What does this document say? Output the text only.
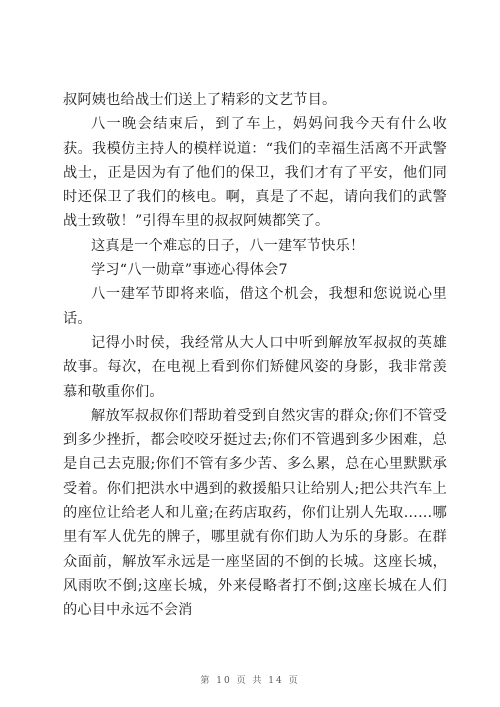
叔阿姨也给战士们送上了精彩的文艺节目。

八一晚会结束后，到了车上，妈妈问我今天有什么收获。我模仿主持人的模样说道：“我们的幸福生活离不开武警战士，正是因为有了他们的保卫，我们才有了平安，他们同时还保卫了我们的核电。啊，真是了不起，请向我们的武警战士致敬！”引得车里的叔叔阿姨都笑了。

这真是一个难忘的日子，八一建军节快乐！

学习“八一勋章”事迹心得体会7

八一建军节即将来临，借这个机会，我想和您说说心里话。

记得小时侯，我经常从大人口中听到解放军叔叔的英雄故事。每次，在电视上看到你们矫健风姿的身影，我非常羡慕和敬重你们。

解放军叔叔你们帮助着受到自然灾害的群众;你们不管受到多少挫折，都会咬咬牙挺过去;你们不管遇到多少困难，总是自己去克服;你们不管有多少苦、多么累，总在心里默默承受着。你们把洪水中遇到的救援船只让给别人;把公共汽车上的座位让给老人和儿童;在药店取药，你们让别人先取……哪里有军人优先的牌子，哪里就有你们助人为乐的身影。在群众面前，解放军永远是一座坚固的不倒的长城。这座长城，风雨吹不倒;这座长城，外来侵略者打不倒;这座长城在人们的心目中永远不会消

第 10 页 共 14 页
